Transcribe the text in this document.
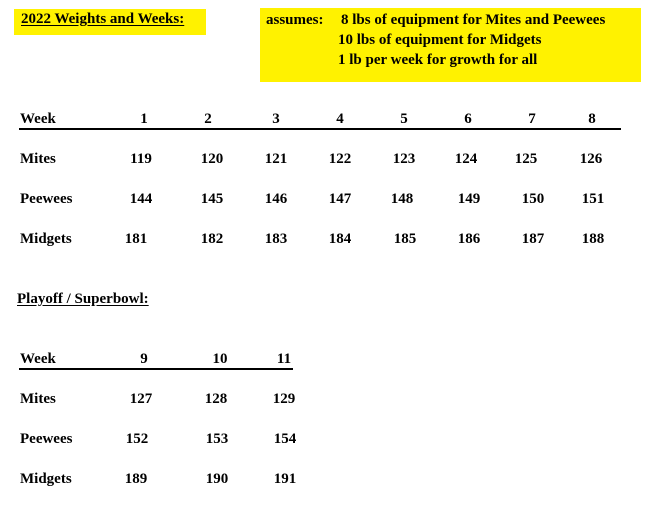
2022 Weights and Weeks:	assumes: 8 lbs of equipment for Mites and Peewees
10 lbs of equipment for Midgets
1 lb per week for growth for all
Week	1	2	3	4	5	6	7	8
Mites	119	120	121	122	123	124	125	126
Peewees	144	145	146	147	148	149	150	151
Midgets	181	182	183	184	185	186	187	188
Playoff / Superbowl:
Week	9	10	11
Mites	127	128	129
Peewees	152	153	154
Midgets	189	190	191
